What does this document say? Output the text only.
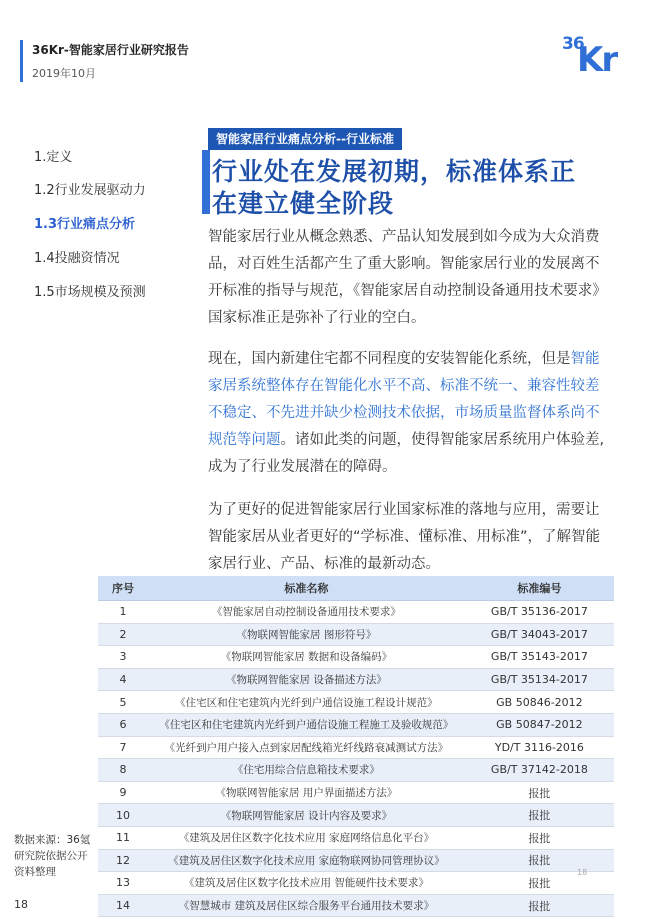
36Kr-智能家居行业研究报告
2019年10月
36
Kr
1.定义
1.2行业发展驱动力
1.3行业痛点分析
1.4投融资情况
1.5市场规模及预测
智能家居行业痛点分析--行业标准
行业处在发展初期，标准体系正
在建立健全阶段

智能家居行业从概念熟悉、产品认知发展到如今成为大众消费品，对百姓生活都产生了重大影响。智能家居行业的发展离不开标准的指导与规范，《智能家居自动控制设备通用技术要求》国家标准正是弥补了行业的空白。

现在，国内新建住宅都不同程度的安装智能化系统，但是智能家居系统整体存在智能化水平不高、标准不统一、兼容性较差不稳定、不先进并缺少检测技术依据，市场质量监督体系尚不规范等问题。诸如此类的问题，使得智能家居系统用户体验差,成为了行业发展潜在的障碍。

为了更好的促进智能家居行业国家标准的落地与应用，需要让智能家居从业者更好的“学标准、懂标准、用标准”，了解智能家居行业、产品、标准的最新动态。

序号	标准名称	标准编号
1	《智能家居自动控制设备通用技术要求》	GB/T 35136-2017
2	《物联网智能家居 图形符号》	GB/T 34043-2017
3	《物联网智能家居 数据和设备编码》	GB/T 35143-2017
4	《物联网智能家居 设备描述方法》	GB/T 35134-2017
5	《住宅区和住宅建筑内光纤到户通信设施工程设计规范》	GB 50846-2012
6	《住宅区和住宅建筑内光纤到户通信设施工程施工及验收规范》	GB 50847-2012
7	《光纤到户用户接入点到家居配线箱光纤线路衰减测试方法》	YD/T 3116-2016
8	《住宅用综合信息箱技术要求》	GB/T 37142-2018
9	《物联网智能家居 用户界面描述方法》	报批
10	《物联网智能家居 设计内容及要求》	报批
11	《建筑及居住区数字化技术应用 家庭网络信息化平台》	报批
12	《建筑及居住区数字化技术应用 家庭物联网协同管理协议》	报批
13	《建筑及居住区数字化技术应用 智能硬件技术要求》	报批
14	《智慧城市 建筑及居住区综合服务平台通用技术要求》	报批
数据来源：36氪研究院依据公开资料整理	18
18
